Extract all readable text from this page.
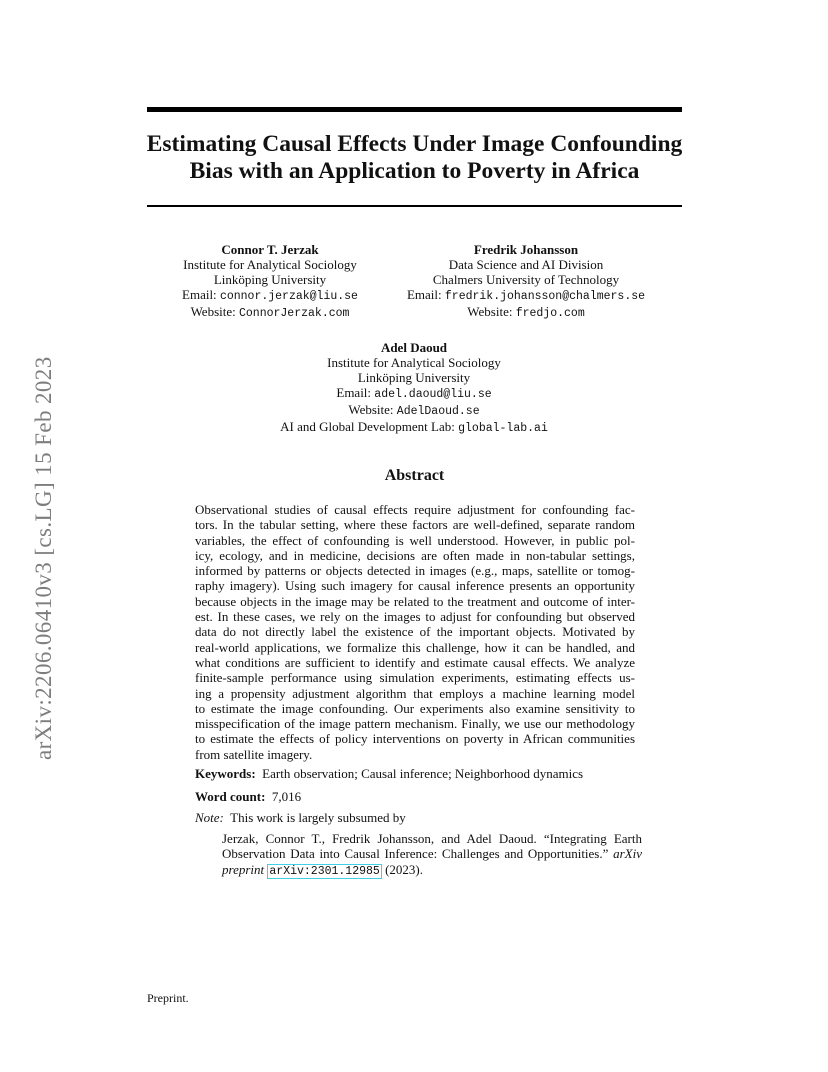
arXiv:2206.06410v3 [cs.LG] 15 Feb 2023
Estimating Causal Effects Under Image Confounding
Bias with an Application to Poverty in Africa
Connor T. Jerzak
Institute for Analytical Sociology
Linköping University
Email: connor.jerzak@liu.se
Website: ConnorJerzak.com
Fredrik Johansson
Data Science and AI Division
Chalmers University of Technology
Email: fredrik.johansson@chalmers.se
Website: fredjo.com
Adel Daoud
Institute for Analytical Sociology
Linköping University
Email: adel.daoud@liu.se
Website: AdelDaoud.se
AI and Global Development Lab: global-lab.ai
Abstract
Observational studies of causal effects require adjustment for confounding fac-
tors. In the tabular setting, where these factors are well-defined, separate random
variables, the effect of confounding is well understood. However, in public pol-
icy, ecology, and in medicine, decisions are often made in non-tabular settings,
informed by patterns or objects detected in images (e.g., maps, satellite or tomog-
raphy imagery). Using such imagery for causal inference presents an opportunity
because objects in the image may be related to the treatment and outcome of inter-
est. In these cases, we rely on the images to adjust for confounding but observed
data do not directly label the existence of the important objects. Motivated by
real-world applications, we formalize this challenge, how it can be handled, and
what conditions are sufficient to identify and estimate causal effects. We analyze
finite-sample performance using simulation experiments, estimating effects us-
ing a propensity adjustment algorithm that employs a machine learning model
to estimate the image confounding. Our experiments also examine sensitivity to
misspecification of the image pattern mechanism. Finally, we use our methodology
to estimate the effects of policy interventions on poverty in African communities
from satellite imagery.
Keywords: Earth observation; Causal inference; Neighborhood dynamics
Word count: 7,016
Note: This work is largely subsumed by
Jerzak, Connor T., Fredrik Johansson, and Adel Daoud. “Integrating Earth
Observation Data into Causal Inference: Challenges and Opportunities.” arXiv
preprint arXiv:2301.12985 (2023).
Preprint.
